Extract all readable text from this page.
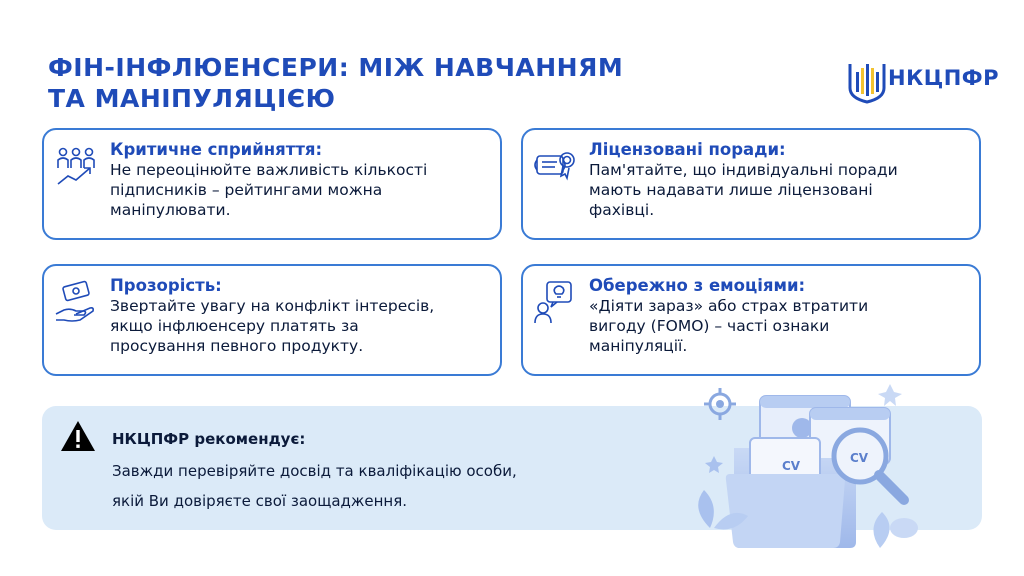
ФІН-ІНФЛЮЕНСЕРИ: МІЖ НАВЧАННЯМ
ТА МАНІПУЛЯЦІЄЮ
НКЦПФР
Критичне сприйняття:
Не переоцінюйте важливість кількості
підписників – рейтингами можна
маніпулювати.
Ліцензовані поради:
Пам'ятайте, що індивідуальні поради
мають надавати лише ліцензовані
фахівці.
Прозорість:
Звертайте увагу на конфлікт інтересів,
якщо інфлюенсеру платять за
просування певного продукту.
Обережно з емоціями:
«Діяти зараз» або страх втратити
вигоду (FOMO) – часті ознаки
маніпуляції.
НКЦПФР рекомендує:
Завжди перевіряйте досвід та кваліфікацію особи,
якій Ви довіряєте свої заощадження.
CV
CV
